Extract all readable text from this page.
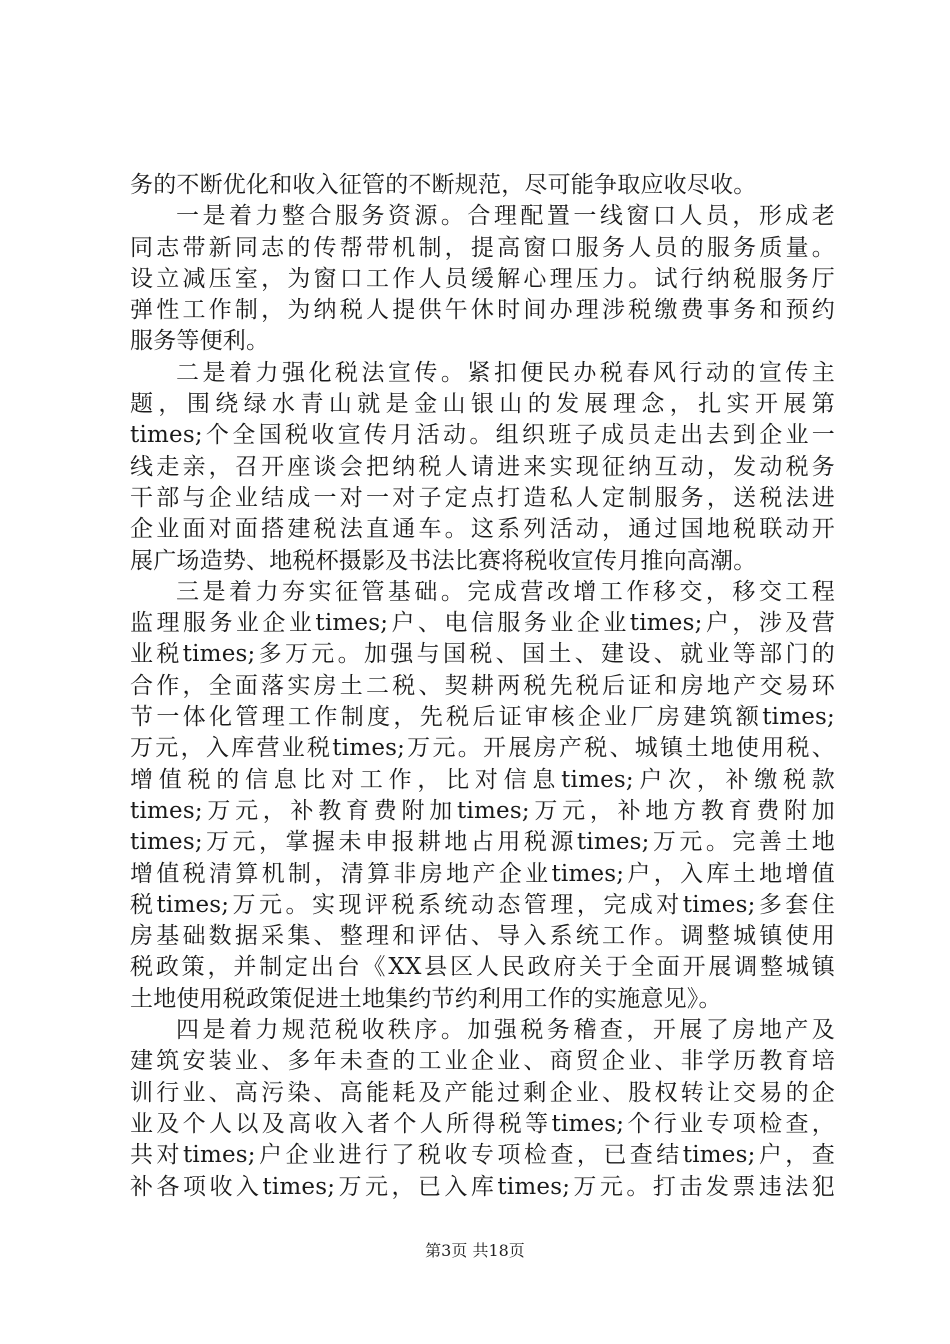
务的不断优化和收入征管的不断规范，尽可能争取应收尽收。
一是着力整合服务资源。合理配置一线窗口人员，形成老
同志带新同志的传帮带机制，提高窗口服务人员的服务质量。
设立减压室，为窗口工作人员缓解心理压力。试行纳税服务厅
弹性工作制，为纳税人提供午休时间办理涉税缴费事务和预约
服务等便利。
二是着力强化税法宣传。紧扣便民办税春风行动的宣传主
题，围绕绿水青山就是金山银山的发展理念，扎实开展第
times;个全国税收宣传月活动。组织班子成员走出去到企业一
线走亲，召开座谈会把纳税人请进来实现征纳互动，发动税务
干部与企业结成一对一对子定点打造私人定制服务，送税法进
企业面对面搭建税法直通车。这系列活动，通过国地税联动开
展广场造势、地税杯摄影及书法比赛将税收宣传月推向高潮。
三是着力夯实征管基础。完成营改增工作移交，移交工程
监理服务业企业times;户、电信服务业企业times;户，涉及营
业税times;多万元。加强与国税、国土、建设、就业等部门的
合作，全面落实房土二税、契耕两税先税后证和房地产交易环
节一体化管理工作制度，先税后证审核企业厂房建筑额times;
万元，入库营业税times;万元。开展房产税、城镇土地使用税、
增值税的信息比对工作，比对信息times;户次，补缴税款
times;万元，补教育费附加times;万元，补地方教育费附加
times;万元，掌握未申报耕地占用税源times;万元。完善土地
增值税清算机制，清算非房地产企业times;户，入库土地增值
税times;万元。实现评税系统动态管理，完成对times;多套住
房基础数据采集、整理和评估、导入系统工作。调整城镇使用
税政策，并制定出台《XX县区人民政府关于全面开展调整城镇
土地使用税政策促进土地集约节约利用工作的实施意见》。
四是着力规范税收秩序。加强税务稽查，开展了房地产及
建筑安装业、多年未查的工业企业、商贸企业、非学历教育培
训行业、高污染、高能耗及产能过剩企业、股权转让交易的企
业及个人以及高收入者个人所得税等times;个行业专项检查，
共对times;户企业进行了税收专项检查，已查结times;户，查
补各项收入times;万元，已入库times;万元。打击发票违法犯
第3页 共18页
